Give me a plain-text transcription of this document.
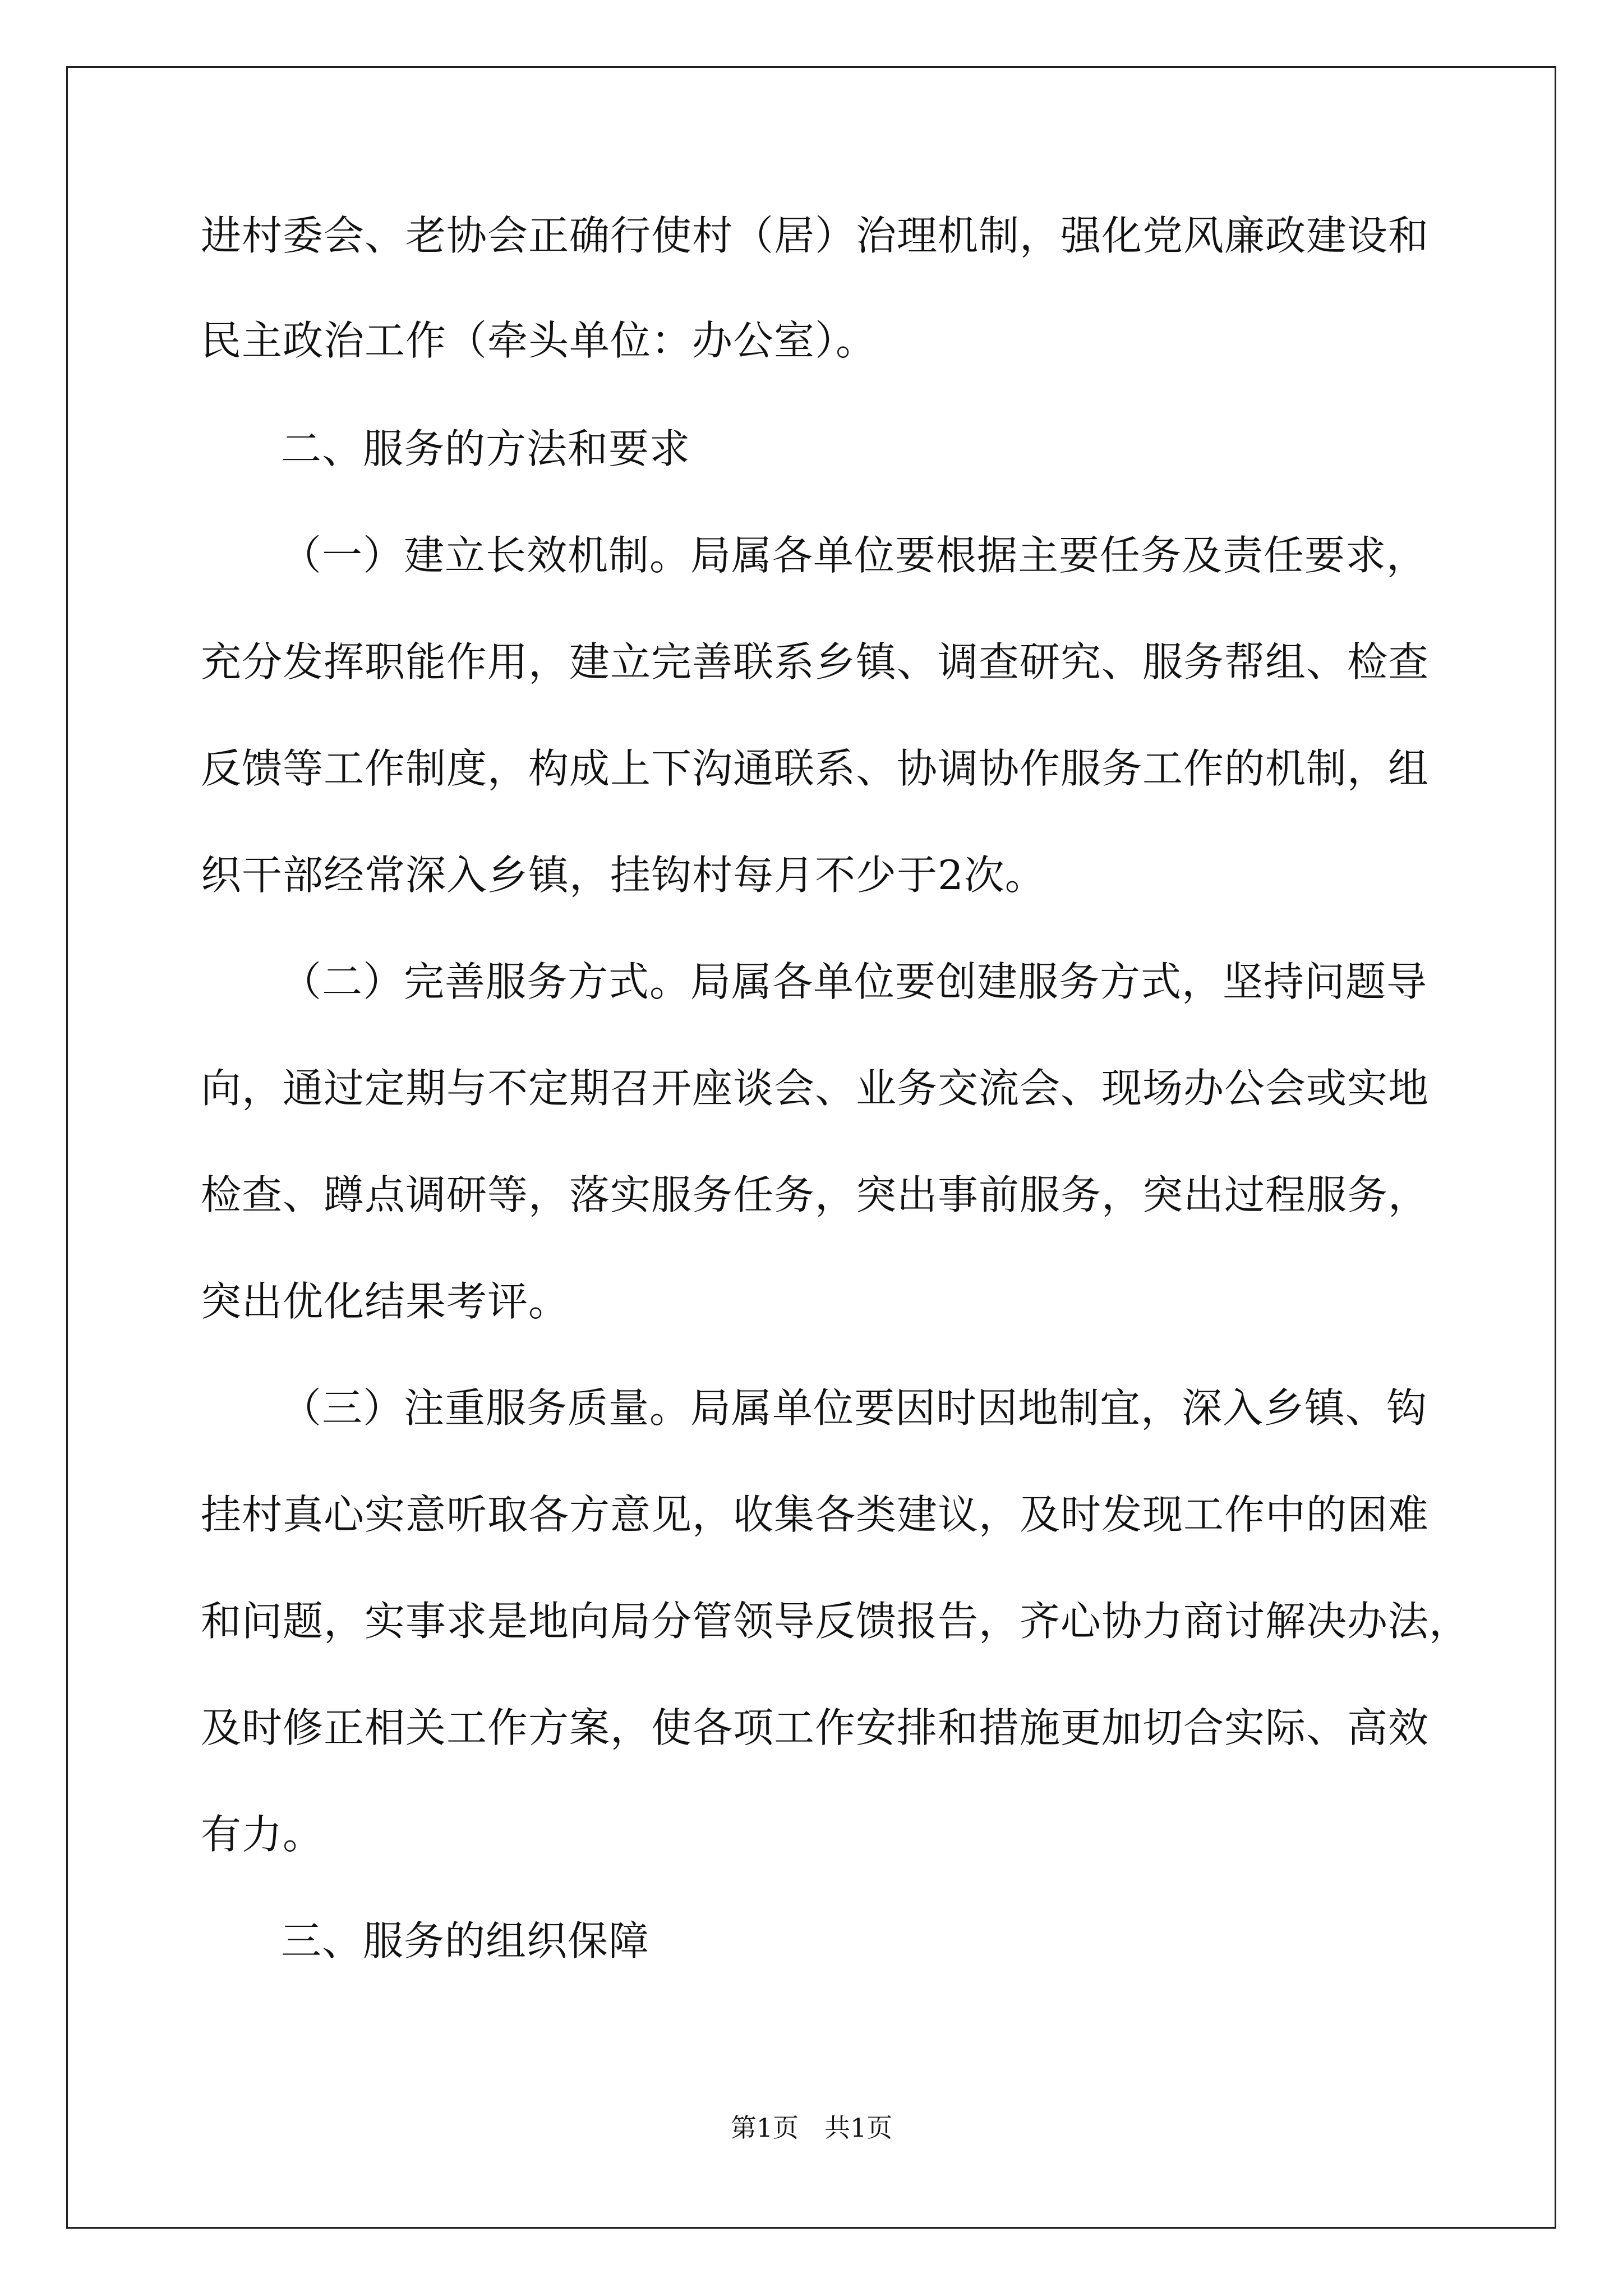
进村委会、老协会正确行使村（居）治理机制，强化党风廉政建设和
民主政治工作（牵头单位：办公室）。
二、服务的方法和要求
（一）建立长效机制。局属各单位要根据主要任务及责任要求，
充分发挥职能作用，建立完善联系乡镇、调查研究、服务帮组、检查
反馈等工作制度，构成上下沟通联系、协调协作服务工作的机制，组
织干部经常深入乡镇，挂钩村每月不少于2次。
（二）完善服务方式。局属各单位要创建服务方式，坚持问题导
向，通过定期与不定期召开座谈会、业务交流会、现场办公会或实地
检查、蹲点调研等，落实服务任务，突出事前服务，突出过程服务，
突出优化结果考评。
（三）注重服务质量。局属单位要因时因地制宜，深入乡镇、钩
挂村真心实意听取各方意见，收集各类建议，及时发现工作中的困难
和问题，实事求是地向局分管领导反馈报告，齐心协力商讨解决办法，
及时修正相关工作方案，使各项工作安排和措施更加切合实际、高效
有力。
三、服务的组织保障
第1页　共1页
